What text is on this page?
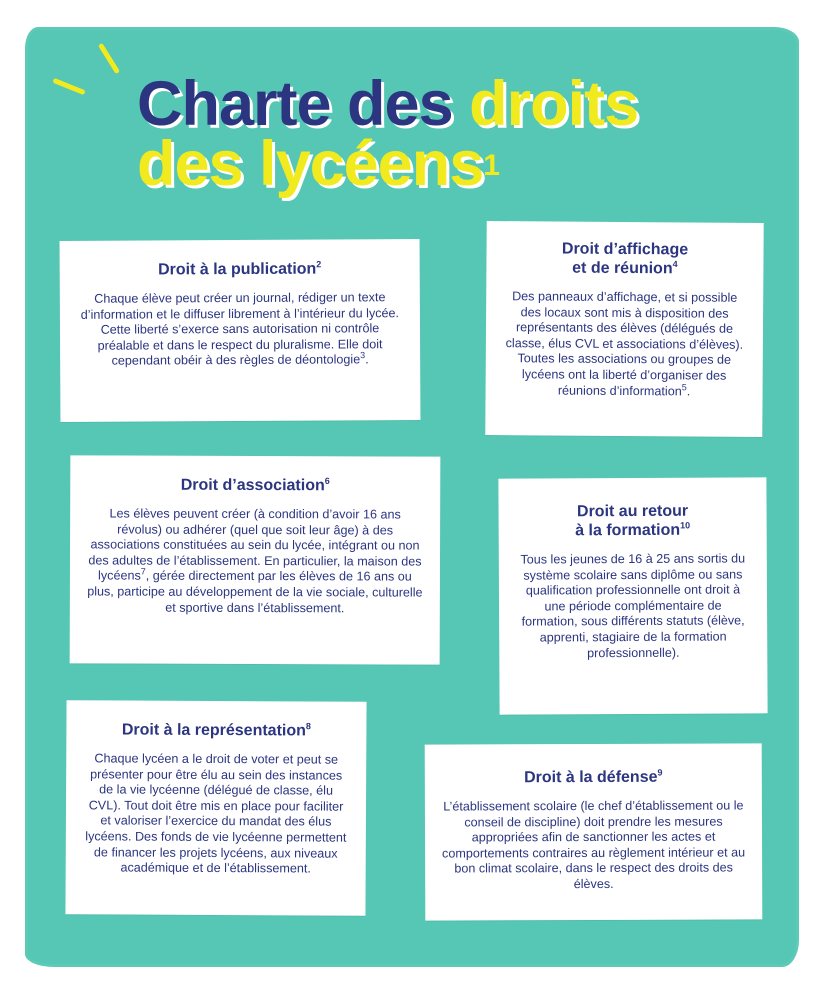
Charte des droits
des lycéens$^1$
Droit à la publication$^2$

Chaque élève peut créer un journal, rédiger un texte d’information et le diffuser librement à l’intérieur du lycée. Cette liberté s’exerce sans autorisation ni contrôle préalable et dans le respect du pluralisme. Elle doit cependant obéir à des règles de déontologie$^3$.

Droit d’affichage
et de réunion$^4$

Des panneaux d’affichage, et si possible des locaux sont mis à disposition des représentants des élèves (délégués de classe, élus CVL et associations d’élèves). Toutes les associations ou groupes de lycéens ont la liberté d’organiser des réunions d’information$^5$.

Droit d’association$^6$

Les élèves peuvent créer (à condition d’avoir 16 ans révolus) ou adhérer (quel que soit leur âge) à des associations constituées au sein du lycée, intégrant ou non des adultes de l’établissement. En particulier, la maison des lycéens$^7$, gérée directement par les élèves de 16 ans ou plus, participe au développement de la vie sociale, culturelle et sportive dans l’établissement.

Droit au retour
à la formation$^{10}$

Tous les jeunes de 16 à 25 ans sortis du système scolaire sans diplôme ou sans qualification professionnelle ont droit à une période complémentaire de formation, sous différents statuts (élève, apprenti, stagiaire de la formation professionnelle).

Droit à la représentation$^8$

Chaque lycéen a le droit de voter et peut se présenter pour être élu au sein des instances de la vie lycéenne (délégué de classe, élu CVL). Tout doit être mis en place pour faciliter et valoriser l’exercice du mandat des élus lycéens. Des fonds de vie lycéenne permettent de financer les projets lycéens, aux niveaux académique et de l’établissement.

Droit à la défense$^9$

L’établissement scolaire (le chef d’établissement ou le conseil de discipline) doit prendre les mesures appropriées afin de sanctionner les actes et comportements contraires au règlement intérieur et au bon climat scolaire, dans le respect des droits des élèves.
